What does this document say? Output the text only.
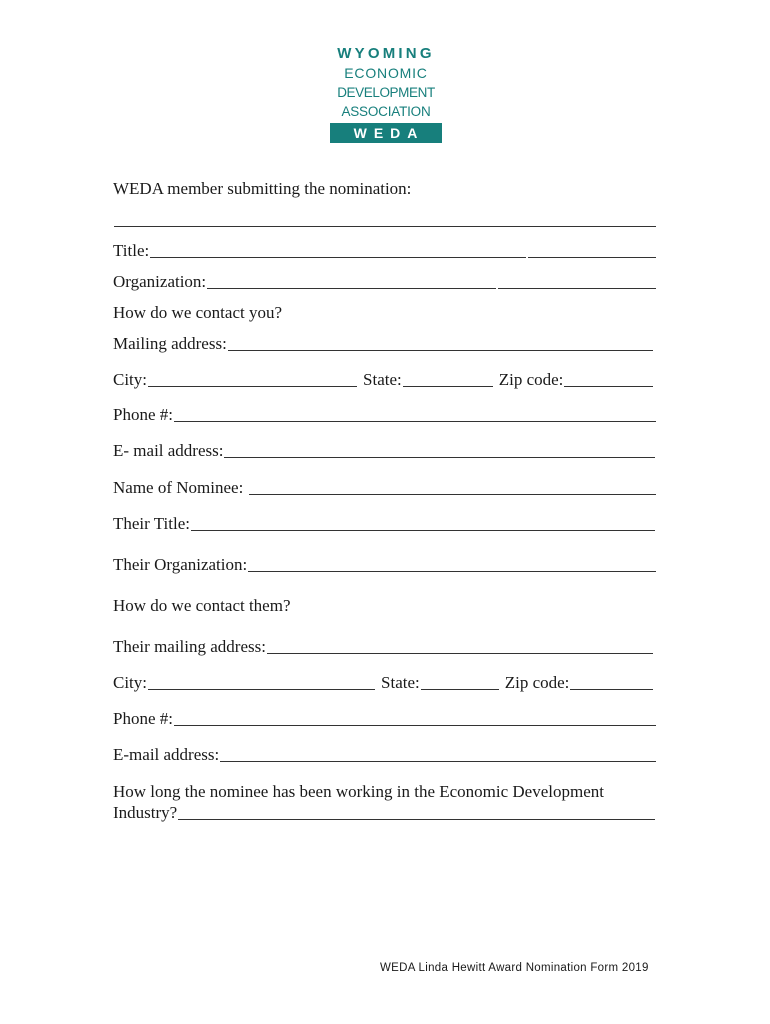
WYOMING
ECONOMIC
DEVELOPMENT
ASSOCIATION
WEDA
WEDA member submitting the nomination:
Title:
Organization:
How do we contact you?
Mailing address:
City:	State:	Zip code:
Phone #:
E- mail address:
Name of Nominee:
Their Title:
Their Organization:
How do we contact them?
Their mailing address:
City:	State:	Zip code:
Phone #:
E-mail address:
How long the nominee has been working in the Economic Development
Industry?
WEDA Linda Hewitt Award Nomination Form 2019
